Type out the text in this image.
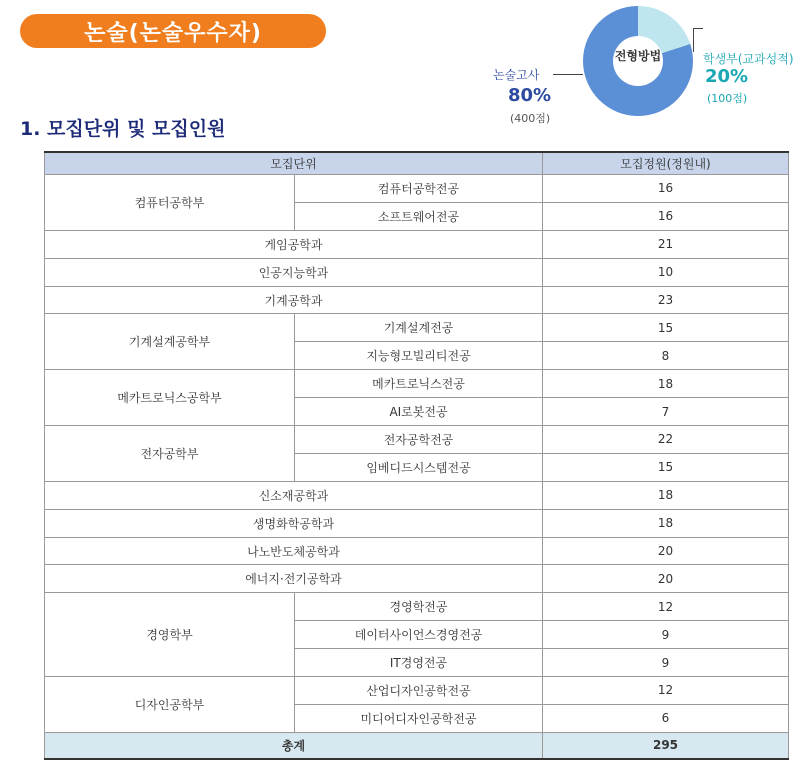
논술(논술우수자)
전형방법
논술고사
80%
(400점)
학생부(교과성적)
20%
(100점)
1. 모집단위 및 모집인원
모집단위		모집정원(정원내)
컴퓨터공학부	컴퓨터공학전공	16
	소프트웨어전공	16
게임공학과		21
인공지능학과		10
기계공학과		23
기계설계공학부	기계설계전공	15
	지능형모빌리티전공	8
메카트로닉스공학부	메카트로닉스전공	18
	AI로봇전공	7
전자공학부	전자공학전공	22
	임베디드시스템전공	15
신소재공학과		18
생명화학공학과		18
나노반도체공학과		20
에너지·전기공학과		20
경영학부	경영학전공	12
	데이터사이언스경영전공	9
	IT경영전공	9
디자인공학부	산업디자인공학전공	12
	미디어디자인공학전공	6
총계		295
